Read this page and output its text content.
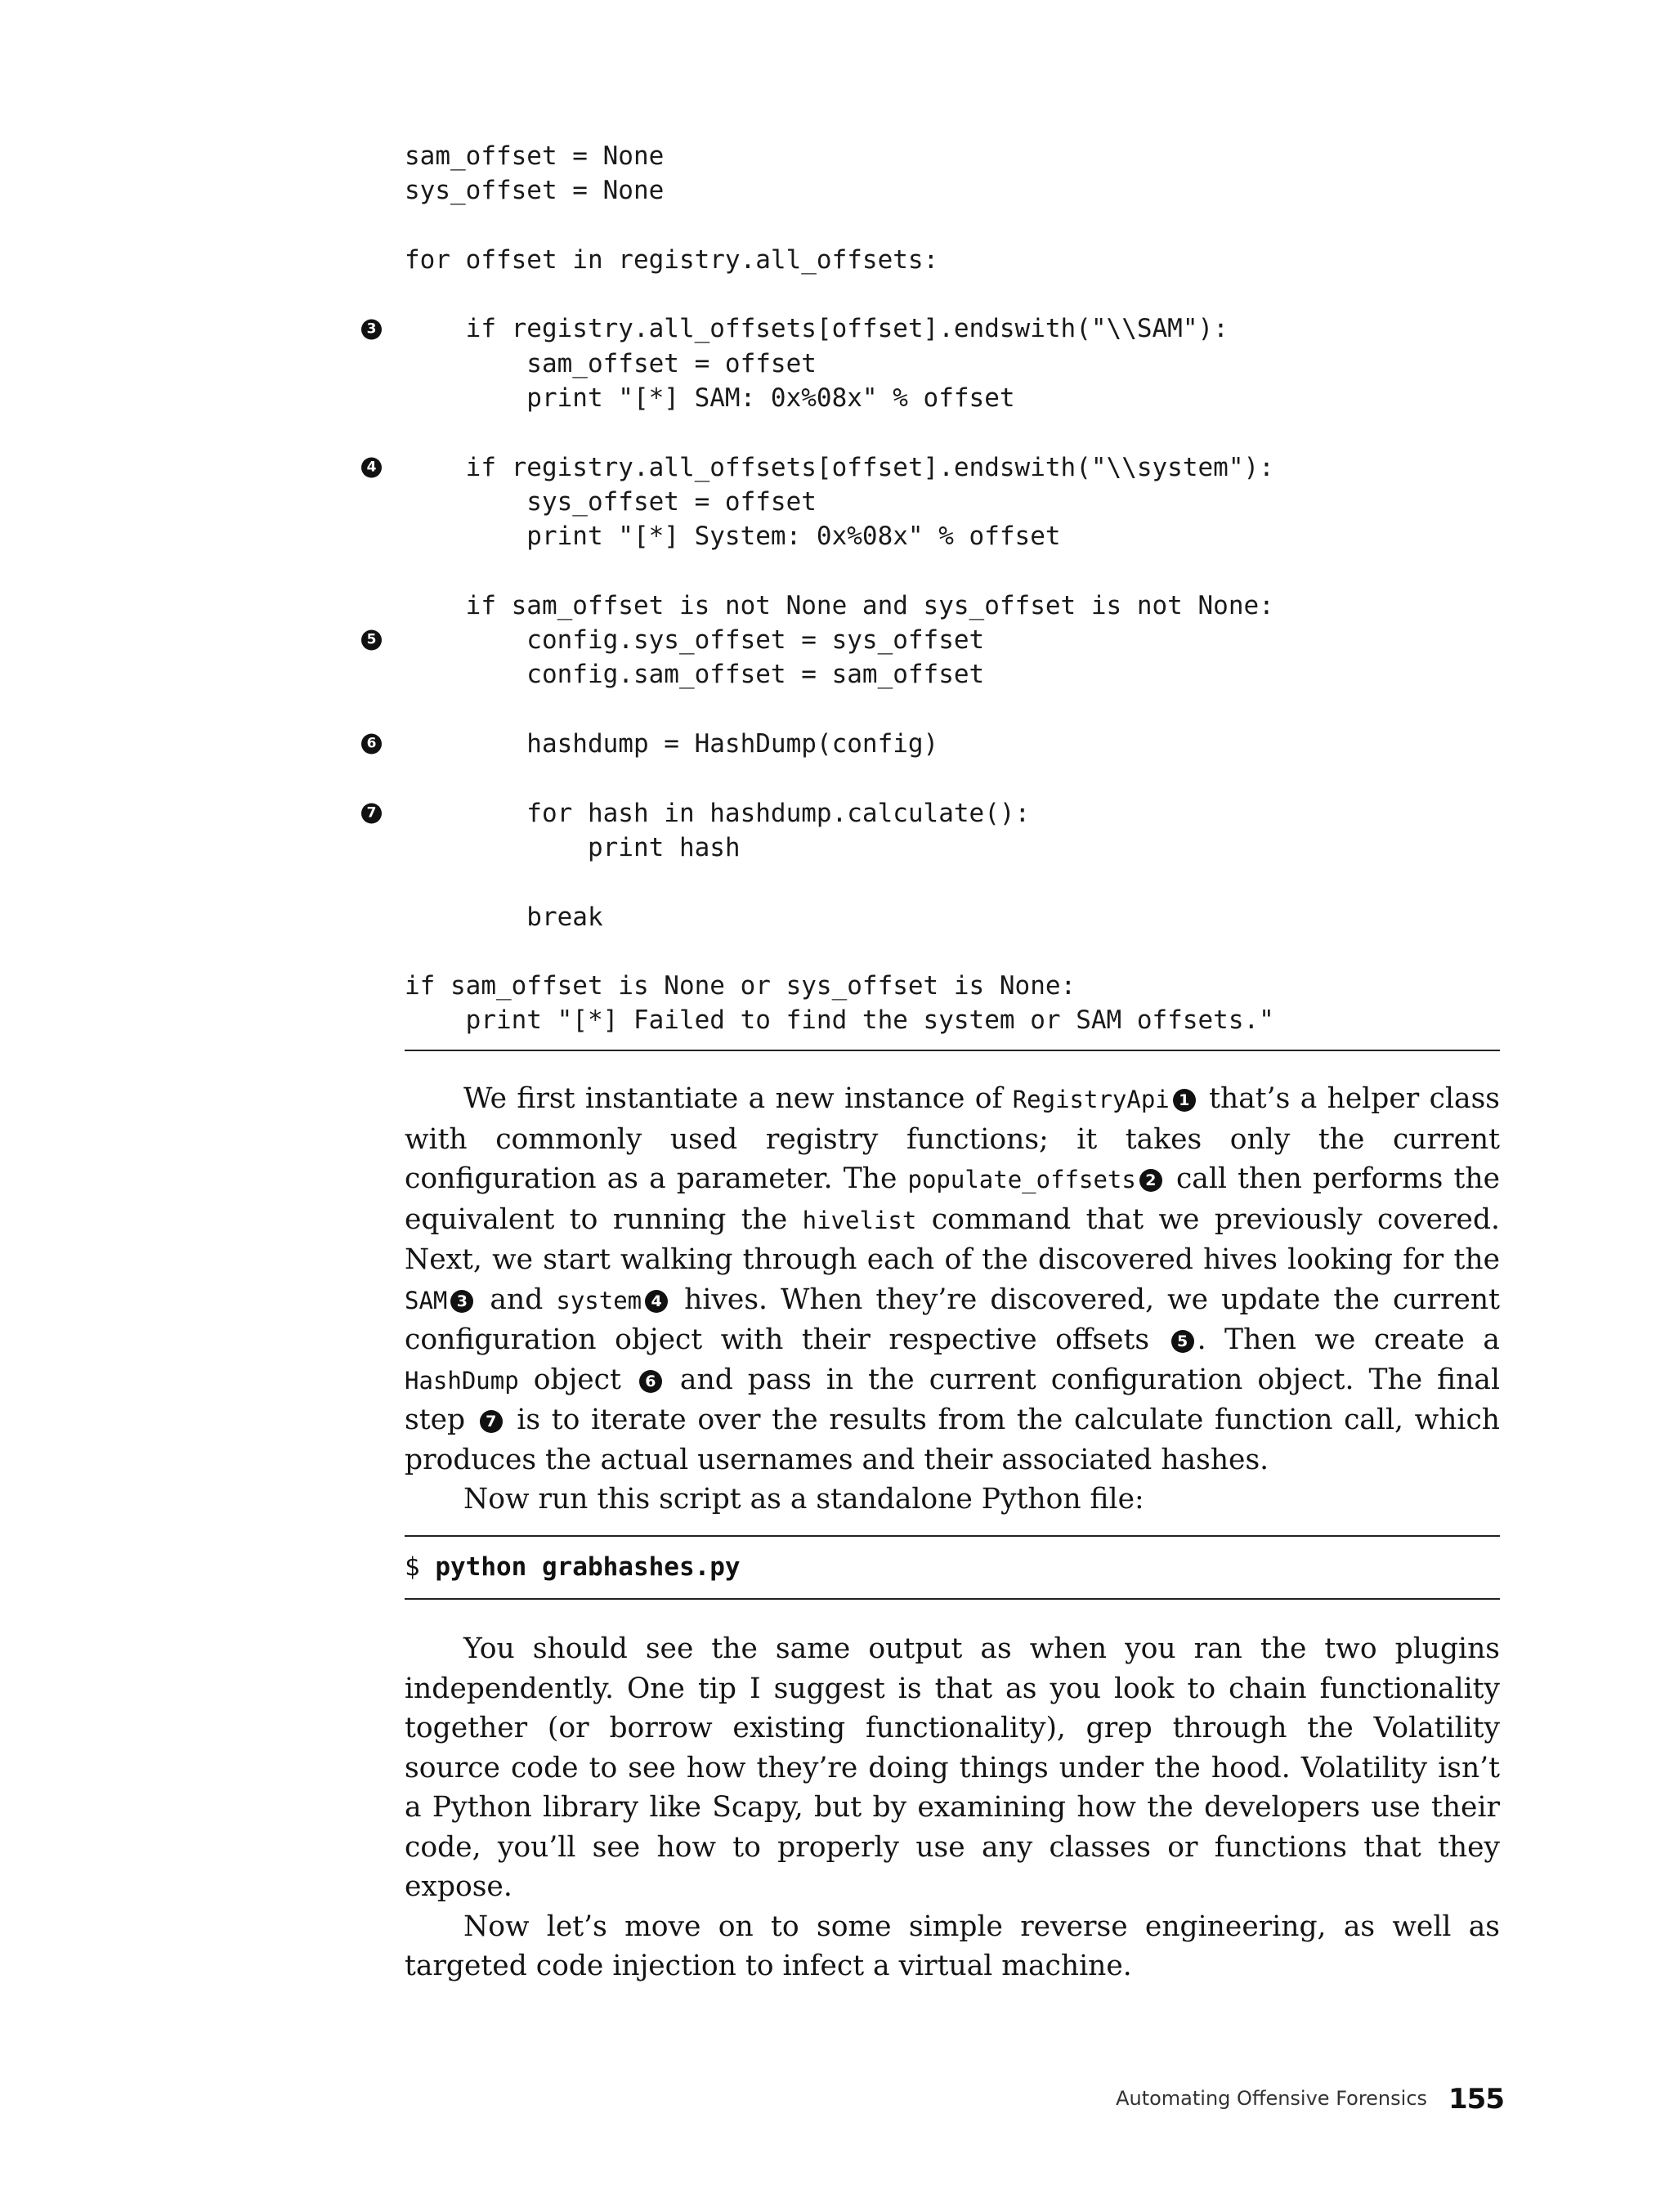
sam_offset = None
sys_offset = None
for offset in registry.all_offsets:
3 if registry.all_offsets[offset].endswith("\\SAM"):
sam_offset = offset
print "[*] SAM: 0x%08x" % offset
4 if registry.all_offsets[offset].endswith("\\system"):
sys_offset = offset
print "[*] System: 0x%08x" % offset
if sam_offset is not None and sys_offset is not None:
5 config.sys_offset = sys_offset
config.sam_offset = sam_offset
6 hashdump = HashDump(config)
7 for hash in hashdump.calculate():
print hash
break
if sam_offset is None or sys_offset is None:
print "[*] Failed to find the system or SAM offsets."

We first instantiate a new instance of RegistryApi 1 that’s a helper class with commonly used registry functions; it takes only the current configuration as a parameter. The populate_offsets 2 call then performs the equivalent to running the hivelist command that we previously covered. Next, we start walking through each of the discovered hives looking for the SAM 3 and system 4 hives. When they’re discovered, we update the current configuration object with their respective offsets 5 . Then we create a HashDump object 6 and pass in the current configuration object. The final step 7 is to iterate over the results from the calculate function call, which produces the actual usernames and their associated hashes.

Now run this script as a standalone Python file:

$ python grabhashes.py

You should see the same output as when you ran the two plugins independently. One tip I suggest is that as you look to chain functionality together (or borrow existing functionality), grep through the Volatility source code to see how they’re doing things under the hood. Volatility isn’t a Python library like Scapy, but by examining how the developers use their code, you’ll see how to properly use any classes or functions that they expose.

Now let’s move on to some simple reverse engineering, as well as targeted code injection to infect a virtual machine.

Automating Offensive Forensics 155
